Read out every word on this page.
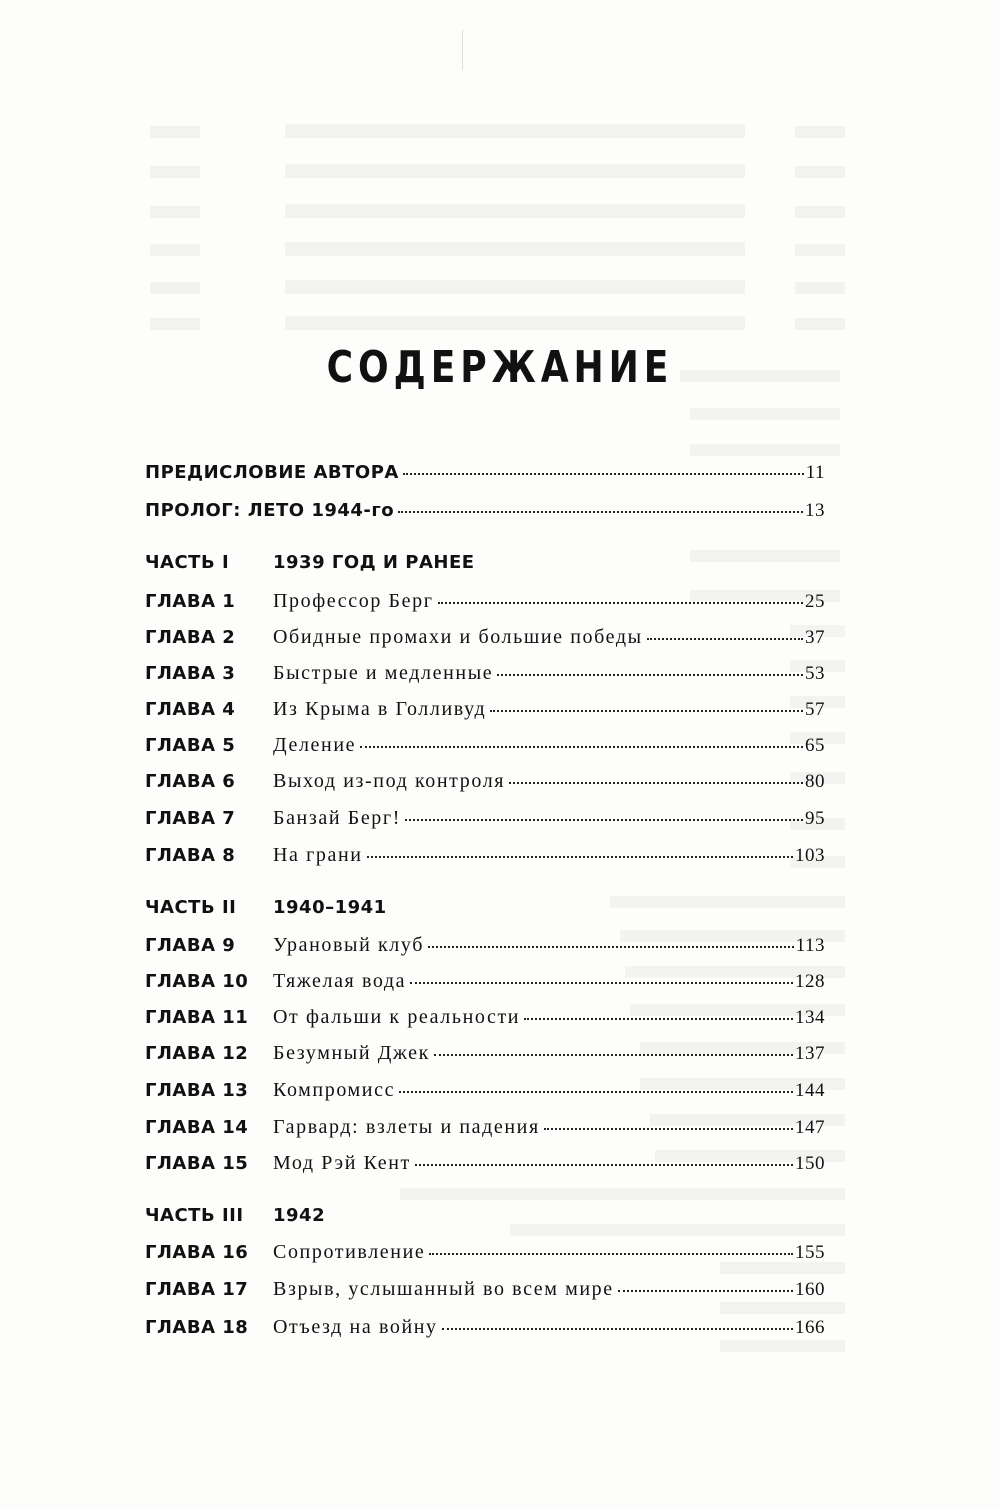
СОДЕРЖАНИЕ
ПРЕДИСЛОВИЕ АВТОРА	11
ПРОЛОГ: ЛЕТО 1944-го	13
ЧАСТЬ I	1939 ГОД И РАНЕЕ
ГЛАВА 1	Профессор Берг	25
ГЛАВА 2	Обидные промахи и большие победы	37
ГЛАВА 3	Быстрые и медленные	53
ГЛАВА 4	Из Крыма в Голливуд	57
ГЛАВА 5	Деление	65
ГЛАВА 6	Выход из-под контроля	80
ГЛАВА 7	Банзай Берг!	95
ГЛАВА 8	На грани	103
ЧАСТЬ II	1940–1941
ГЛАВА 9	Урановый клуб	113
ГЛАВА 10	Тяжелая вода	128
ГЛАВА 11	От фальши к реальности	134
ГЛАВА 12	Безумный Джек	137
ГЛАВА 13	Компромисс	144
ГЛАВА 14	Гарвард: взлеты и падения	147
ГЛАВА 15	Мод Рэй Кент	150
ЧАСТЬ III	1942
ГЛАВА 16	Сопротивление	155
ГЛАВА 17	Взрыв, услышанный во всем мире	160
ГЛАВА 18	Отъезд на войну	166
